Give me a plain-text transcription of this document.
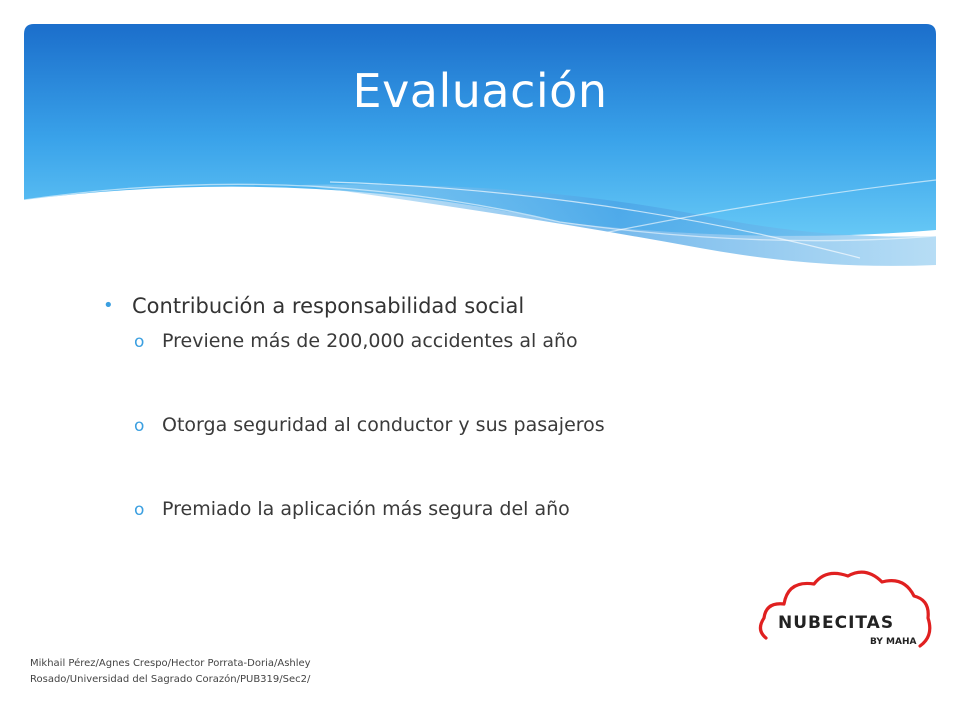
Evaluación
• Contribución a responsabilidad social
o Previene más de 200,000 accidentes al año
o Otorga seguridad al conductor y sus pasajeros
o Premiado la aplicación más segura del año
Mikhail Pérez/Agnes Crespo/Hector Porrata-Doria/Ashley
Rosado/Universidad del Sagrado Corazón/PUB319/Sec2/
NUBECITAS
BY MAHA
